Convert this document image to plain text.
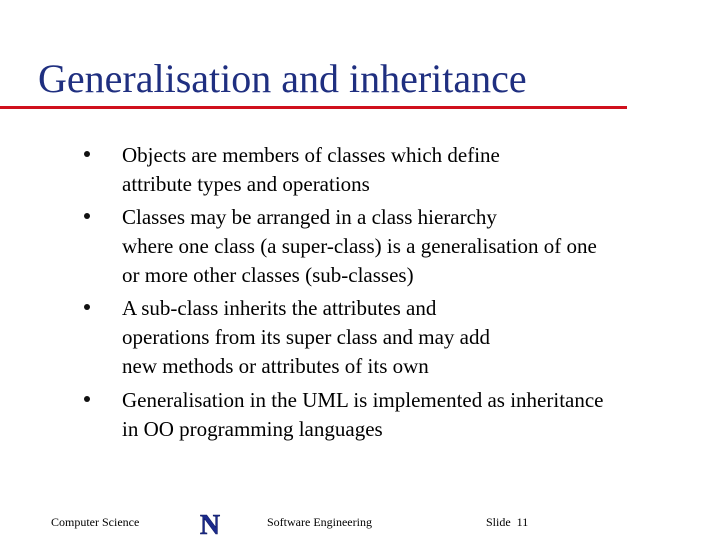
Generalisation and inheritance
Objects are members of classes which define
attribute types and operations
Classes may be arranged in a class hierarchy
where one class (a super-class) is a generalisation of one
or more other classes (sub-classes)
A sub-class inherits the attributes and
operations from its super class and may add
new methods or attributes of its own
Generalisation in the UML is implemented as inheritance
in OO programming languages
Computer Science N	Software Engineering	Slide  11
